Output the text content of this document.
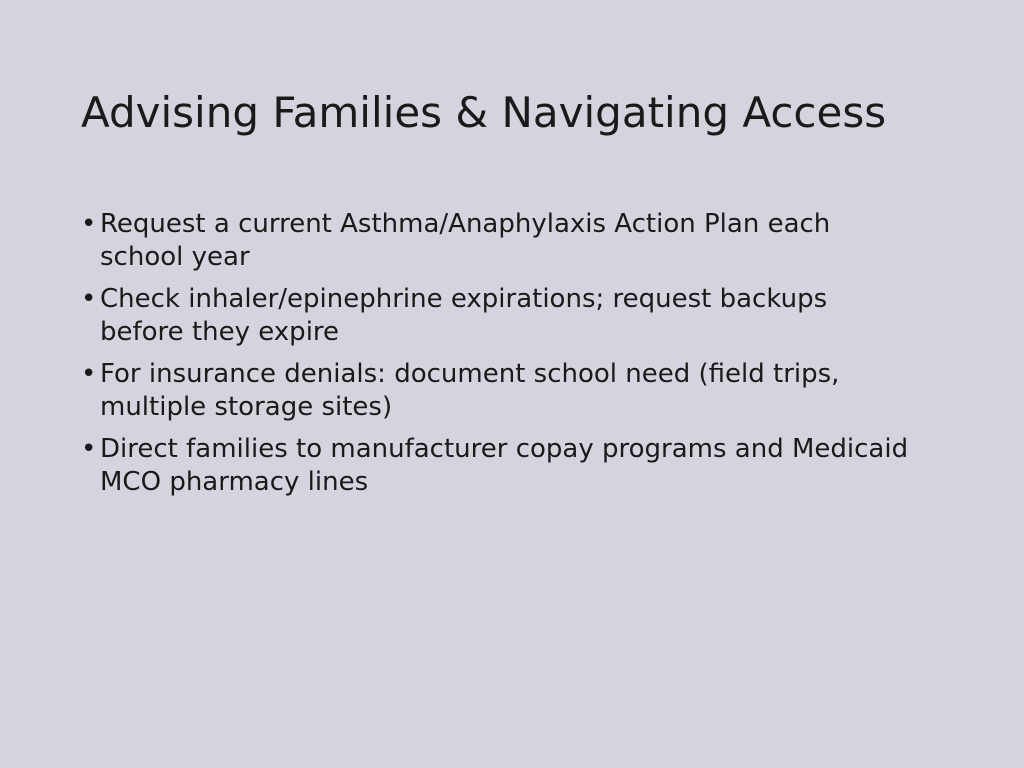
Advising Families & Navigating Access
• Request a current Asthma/Anaphylaxis Action Plan each school year
• Check inhaler/epinephrine expirations; request backups before they expire
• For insurance denials: document school need (field trips, multiple storage sites)
• Direct families to manufacturer copay programs and Medicaid MCO pharmacy lines
